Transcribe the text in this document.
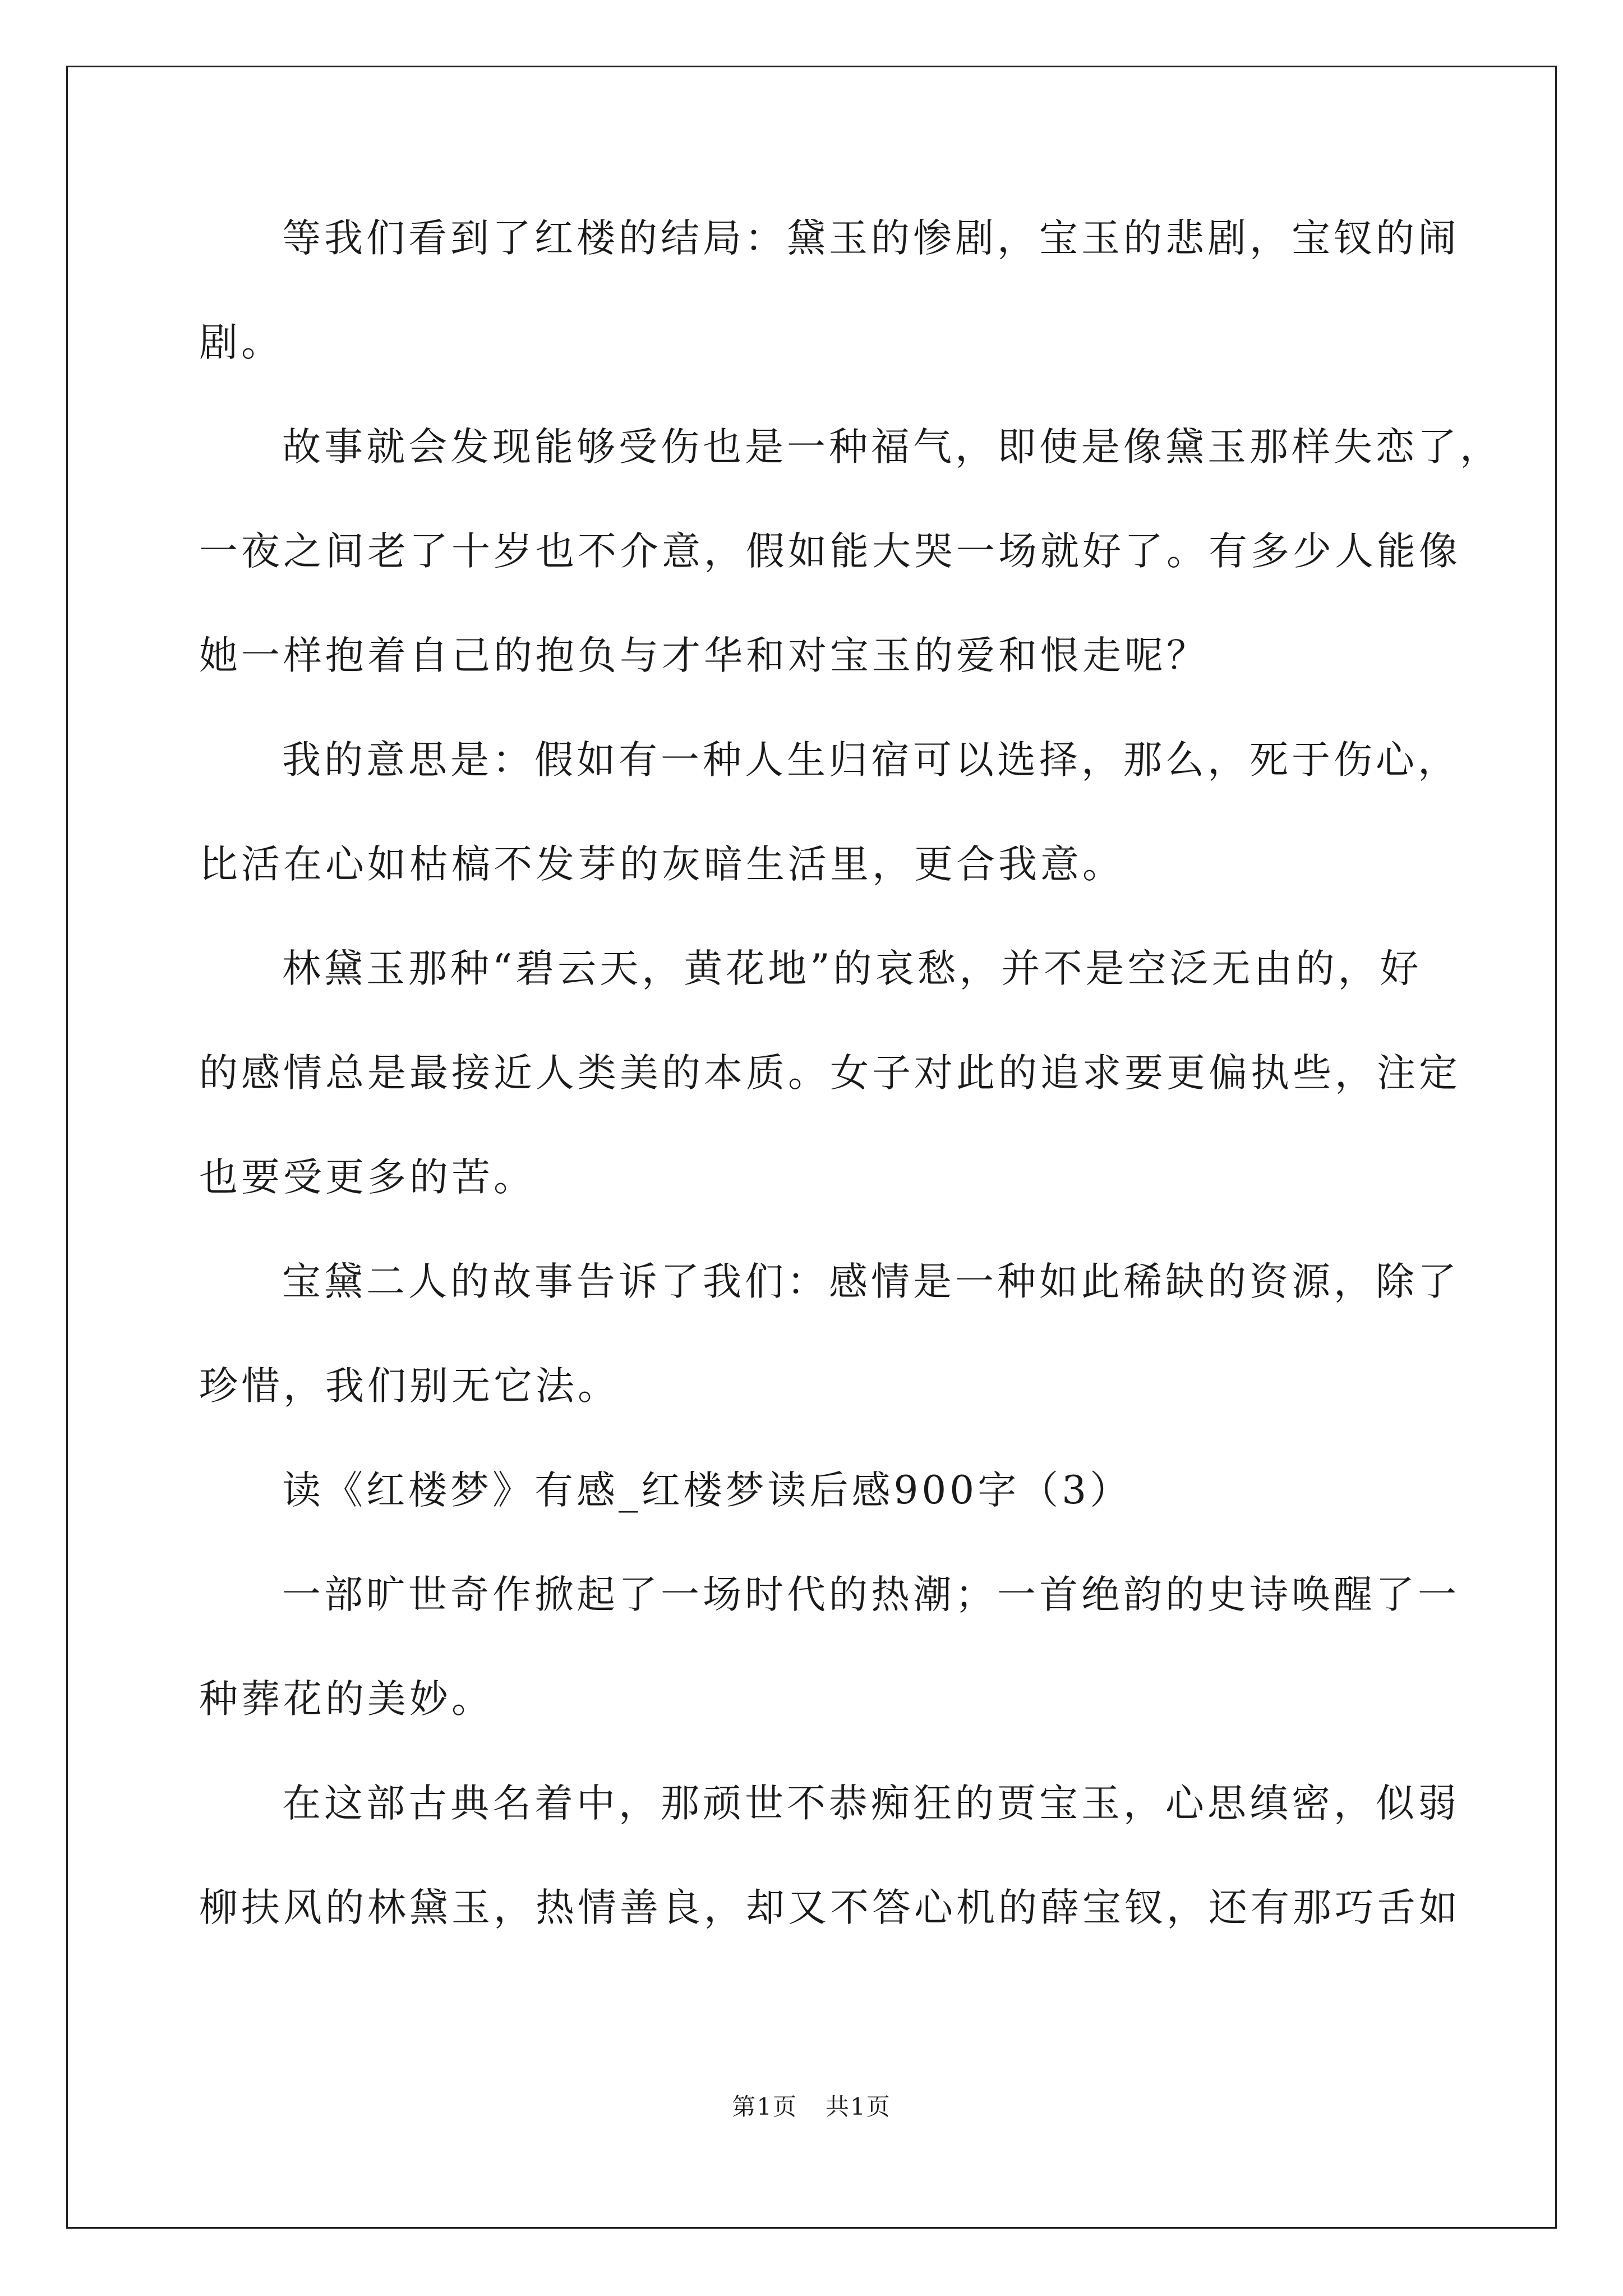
等我们看到了红楼的结局：黛玉的惨剧，宝玉的悲剧，宝钗的闹
剧。
故事就会发现能够受伤也是一种福气，即使是像黛玉那样失恋了，
一夜之间老了十岁也不介意，假如能大哭一场就好了。有多少人能像
她一样抱着自己的抱负与才华和对宝玉的爱和恨走呢？
我的意思是：假如有一种人生归宿可以选择，那么，死于伤心，
比活在心如枯槁不发芽的灰暗生活里，更合我意。
林黛玉那种“碧云天，黄花地”的哀愁，并不是空泛无由的，好
的感情总是最接近人类美的本质。女子对此的追求要更偏执些，注定
也要受更多的苦。
宝黛二人的故事告诉了我们：感情是一种如此稀缺的资源，除了
珍惜，我们别无它法。
读《红楼梦》有感_红楼梦读后感900字（3）
一部旷世奇作掀起了一场时代的热潮；一首绝韵的史诗唤醒了一
种葬花的美妙。
在这部古典名着中，那顽世不恭痴狂的贾宝玉，心思缜密，似弱
柳扶风的林黛玉，热情善良，却又不答心机的薛宝钗，还有那巧舌如
第1页 共1页
